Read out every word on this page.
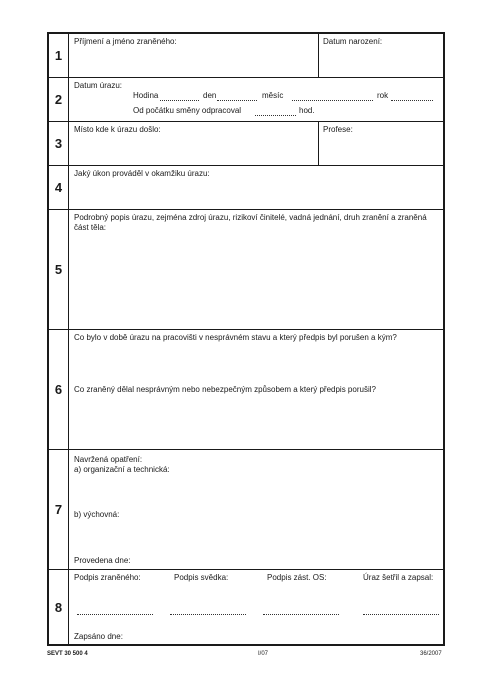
1
Příjmení a jméno zraněného:	Datum narození:
2
Datum úrazu:
Hodina	den	měsíc	rok
Od počátku směny odpracoval	hod.
3
Místo kde k úrazu došlo:	Profese:
4
Jaký úkon prováděl v okamžiku úrazu:
5
Podrobný popis úrazu, zejména zdroj úrazu, rizikoví činitelé, vadná jednání, druh zranění a zraněná část těla:
6
Co bylo v době úrazu na pracovišti v nesprávném stavu a který předpis byl porušen a kým?
Co zraněný dělal nesprávným nebo nebezpečným způsobem a který předpis porušil?
7
Navržená opatření:
a) organizační a technická:
b) výchovná:
Provedena dne:
8
Podpis zraněného:	Podpis svědka:	Podpis zást. OS:	Úraz šetřil a zapsal:
Zapsáno dne:
SEVT 30 500 4	I/07	36/2007
